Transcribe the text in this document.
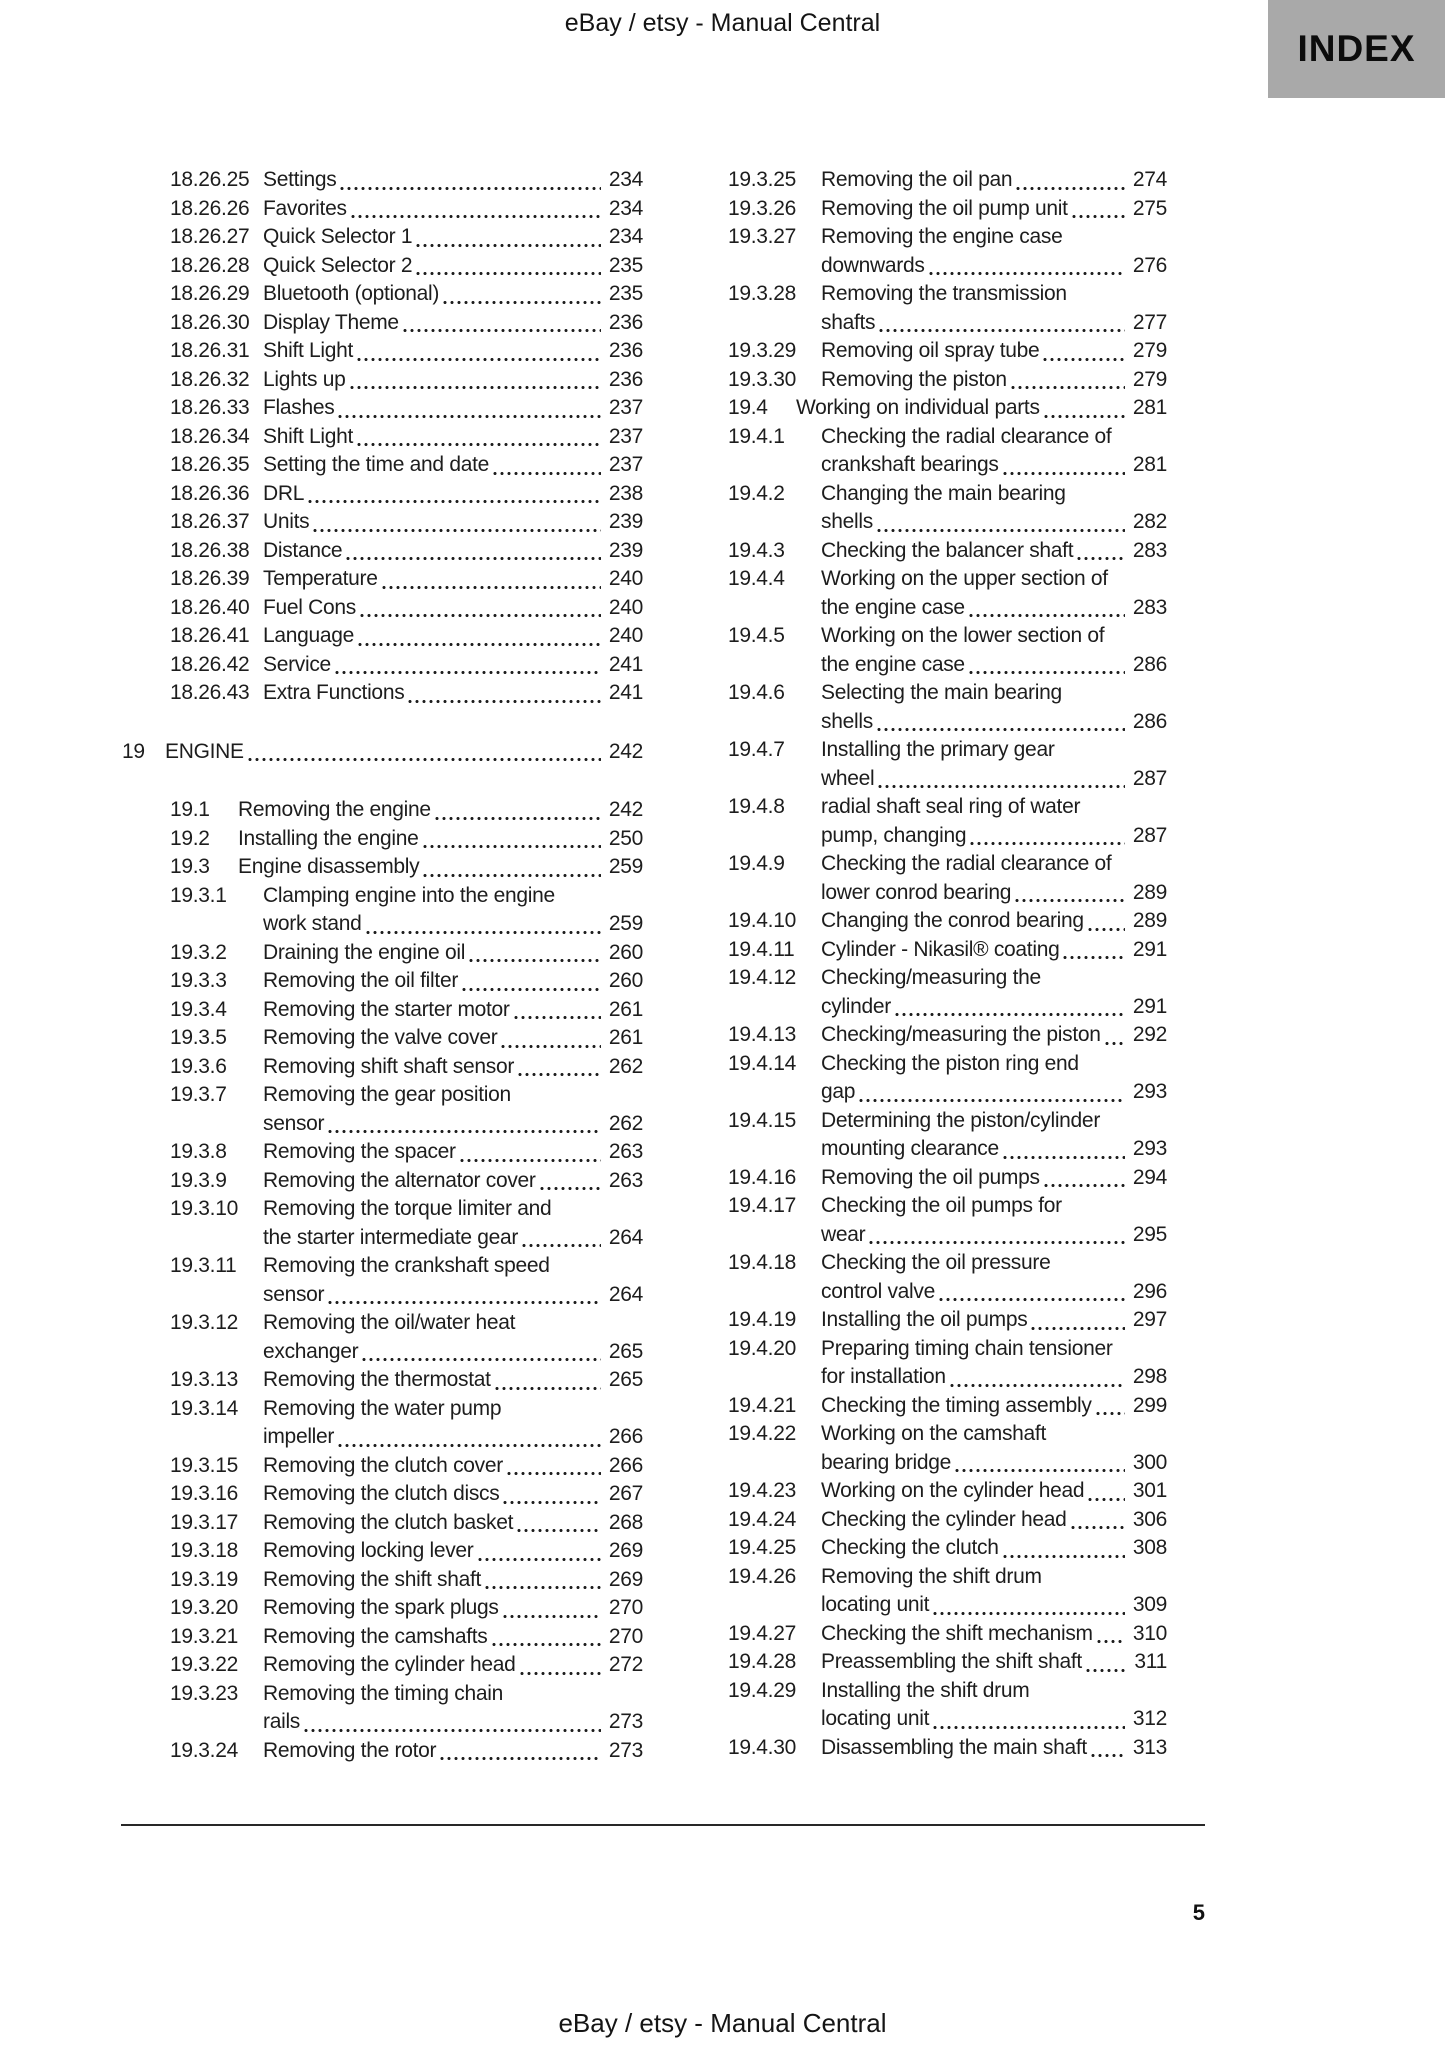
eBay / etsy - Manual Central
INDEX
18.26.25 Settings	234
18.26.26 Favorites	234
18.26.27 Quick Selector 1	234
18.26.28 Quick Selector 2	235
18.26.29 Bluetooth (optional)	235
18.26.30 Display Theme	236
18.26.31 Shift Light	236
18.26.32 Lights up	236
18.26.33 Flashes	237
18.26.34 Shift Light	237
18.26.35 Setting the time and date	237
18.26.36 DRL	238
18.26.37 Units	239
18.26.38 Distance	239
18.26.39 Temperature	240
18.26.40 Fuel Cons	240
18.26.41 Language	240
18.26.42 Service	241
18.26.43 Extra Functions	241
19 ENGINE	242
19.1	Removing the engine	242
19.2	Installing the engine	250
19.3	Engine disassembly	259
19.3.1	Clamping engine into the engine
work stand	259
19.3.2	Draining the engine oil	260
19.3.3	Removing the oil filter	260
19.3.4	Removing the starter motor	261
19.3.5	Removing the valve cover	261
19.3.6	Removing shift shaft sensor	262
19.3.7	Removing the gear position
sensor	262
19.3.8	Removing the spacer	263
19.3.9	Removing the alternator cover	263
19.3.10	Removing the torque limiter and
the starter intermediate gear	264
19.3.11	Removing the crankshaft speed
sensor	264
19.3.12	Removing the oil/water heat
exchanger	265
19.3.13	Removing the thermostat	265
19.3.14	Removing the water pump
impeller	266
19.3.15	Removing the clutch cover	266
19.3.16	Removing the clutch discs	267
19.3.17	Removing the clutch basket	268
19.3.18	Removing locking lever	269
19.3.19	Removing the shift shaft	269
19.3.20	Removing the spark plugs	270
19.3.21	Removing the camshafts	270
19.3.22	Removing the cylinder head	272
19.3.23	Removing the timing chain
rails	273
19.3.24	Removing the rotor	273
19.3.25	Removing the oil pan	274
19.3.26	Removing the oil pump unit	275
19.3.27	Removing the engine case
downwards	276
19.3.28	Removing the transmission
shafts	277
19.3.29	Removing oil spray tube	279
19.3.30	Removing the piston	279
19.4	Working on individual parts	281
19.4.1	Checking the radial clearance of
crankshaft bearings	281
19.4.2	Changing the main bearing
shells	282
19.4.3	Checking the balancer shaft	283
19.4.4	Working on the upper section of
the engine case	283
19.4.5	Working on the lower section of
the engine case	286
19.4.6	Selecting the main bearing
shells	286
19.4.7	Installing the primary gear
wheel	287
19.4.8	radial shaft seal ring of water
pump, changing	287
19.4.9	Checking the radial clearance of
lower conrod bearing	289
19.4.10	Changing the conrod bearing 289
19.4.11	Cylinder - Nikasil® coating	291
19.4.12	Checking/measuring the
cylinder	291
19.4.13	Checking/measuring the piston 292
19.4.14	Checking the piston ring end
gap	293
19.4.15	Determining the piston/cylinder
mounting clearance	293
19.4.16	Removing the oil pumps	294
19.4.17	Checking the oil pumps for
wear	295
19.4.18	Checking the oil pressure
control valve	296
19.4.19	Installing the oil pumps	297
19.4.20	Preparing timing chain tensioner
for installation	298
19.4.21	Checking the timing assembly 299
19.4.22	Working on the camshaft
bearing bridge	300
19.4.23	Working on the cylinder head 301
19.4.24	Checking the cylinder head	306
19.4.25	Checking the clutch	308
19.4.26	Removing the shift drum
locating unit	309
19.4.27	Checking the shift mechanism 310
19.4.28	Preassembling the shift shaft 311
19.4.29	Installing the shift drum
locating unit	312
19.4.30	Disassembling the main shaft 313
5
eBay / etsy - Manual Central
